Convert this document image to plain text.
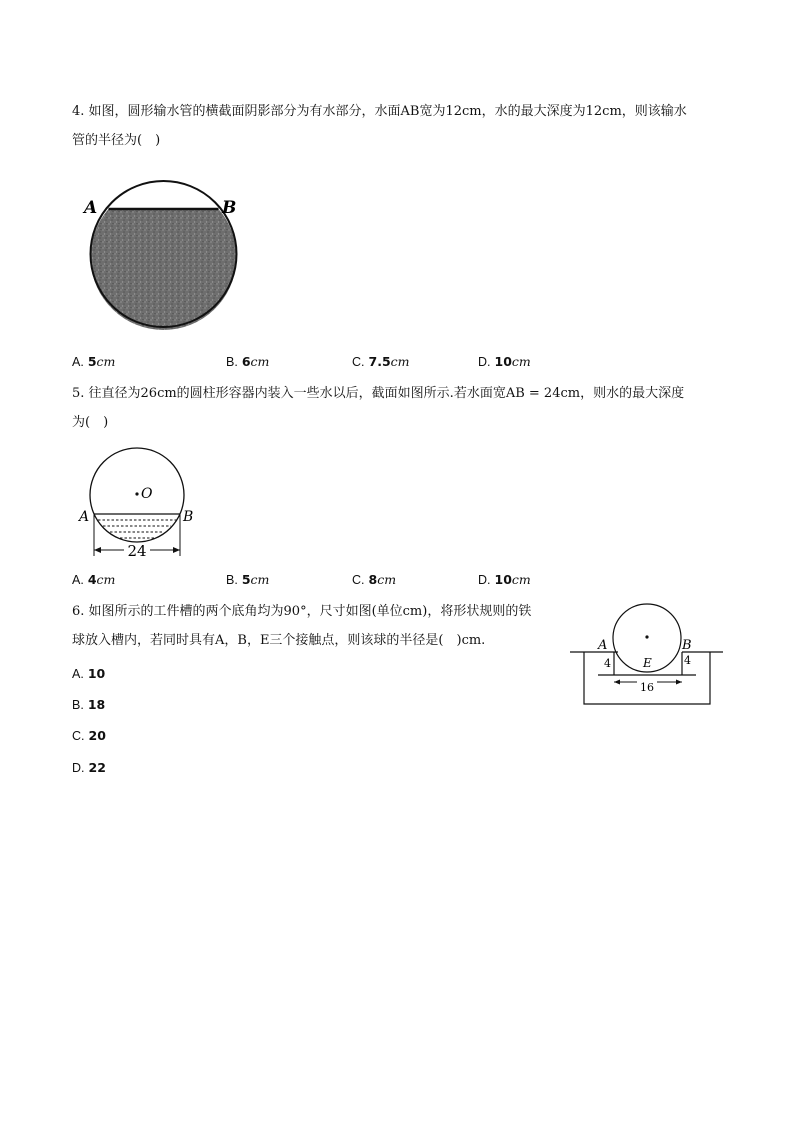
4. 如图，圆形输水管的横截面阴影部分为有水部分，水面AB宽为12cm，水的最大深度为12cm，则该输水
管的半径为(　)
A	B
A. 5cm	B. 6cm	C. 7.5cm	D. 10cm
5. 往直径为26cm的圆柱形容器内装入一些水以后，截面如图所示.若水面宽AB = 24cm，则水的最大深度
为(　)
O
A	B
24
A. 4cm	B. 5cm	C. 8cm	D. 10cm
6. 如图所示的工件槽的两个底角均为90°，尺寸如图(单位cm)，将形状规则的铁
球放入槽内，若同时具有A，B，E三个接触点，则该球的半径是(　)cm.	A	B
E
4	4
16
A. 10
B. 18
C. 20
D. 22
